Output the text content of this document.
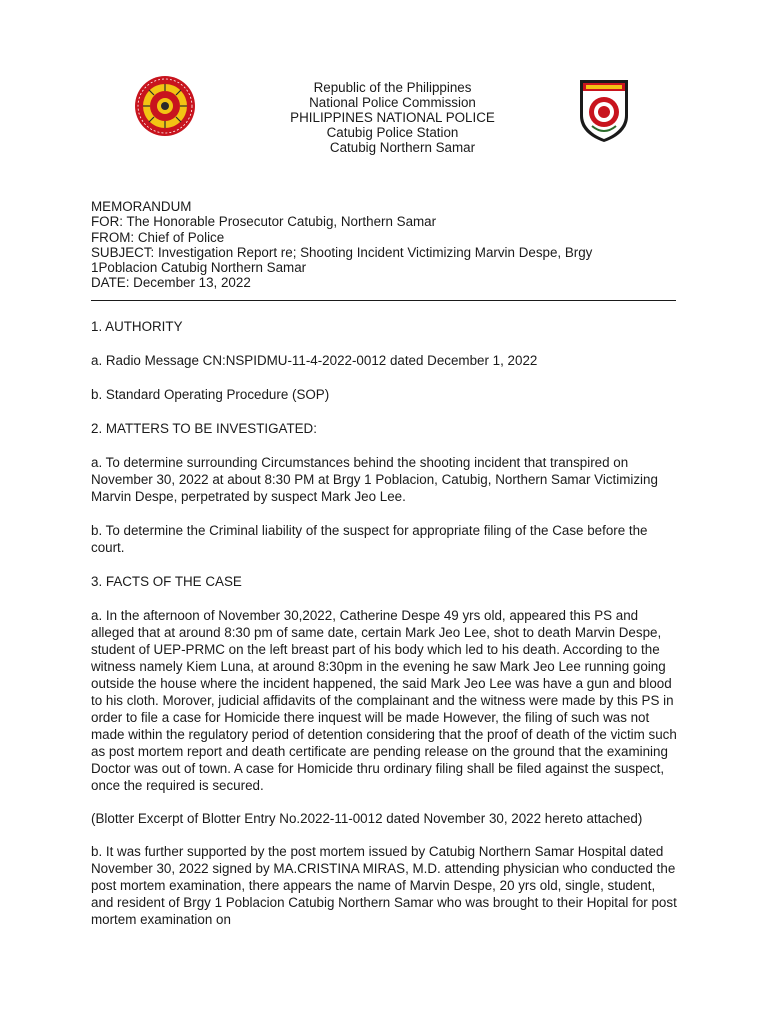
Republic of the Philippines
National Police Commission
PHILIPPINES NATIONAL POLICE
Catubig Police Station
Catubig Northern Samar
MEMORANDUM
FOR: The Honorable Prosecutor Catubig, Northern Samar
FROM: Chief of Police
SUBJECT: Investigation Report re; Shooting Incident Victimizing Marvin Despe, Brgy
1Poblacion Catubig Northern Samar
DATE: December 13, 2022

1. AUTHORITY

a. Radio Message CN:NSPIDMU-11-4-2022-0012 dated December 1, 2022

b. Standard Operating Procedure (SOP)

2. MATTERS TO BE INVESTIGATED:

a. To determine surrounding Circumstances behind the shooting incident that transpired on November 30, 2022 at about 8:30 PM at Brgy 1 Poblacion, Catubig, Northern Samar Victimizing Marvin Despe, perpetrated by suspect Mark Jeo Lee.

b. To determine the Criminal liability of the suspect for appropriate filing of the Case before the court.

3. FACTS OF THE CASE

a. In the afternoon of November 30,2022, Catherine Despe 49 yrs old, appeared this PS and alleged that at around 8:30 pm of same date, certain Mark Jeo Lee, shot to death Marvin Despe, student of UEP-PRMC on the left breast part of his body which led to his death. According to the witness namely Kiem Luna, at around 8:30pm in the evening he saw Mark Jeo Lee running going outside the house where the incident happened, the said Mark Jeo Lee was have a gun and blood to his cloth. Morover, judicial affidavits of the complainant and the witness were made by this PS in order to file a case for Homicide there inquest will be made However, the filing of such was not made within the regulatory period of detention considering that the proof of death of the victim such as post mortem report and death certificate are pending release on the ground that the examining Doctor was out of town. A case for Homicide thru ordinary filing shall be filed against the suspect, once the required is secured.

(Blotter Excerpt of Blotter Entry No.2022-11-0012 dated November 30, 2022 hereto attached)

b. It was further supported by the post mortem issued by Catubig Northern Samar Hospital dated November 30, 2022 signed by MA.CRISTINA MIRAS, M.D. attending physician who conducted the post mortem examination, there appears the name of Marvin Despe, 20 yrs old, single, student, and resident of Brgy 1 Poblacion Catubig Northern Samar who was brought to their Hopital for post mortem examination on
